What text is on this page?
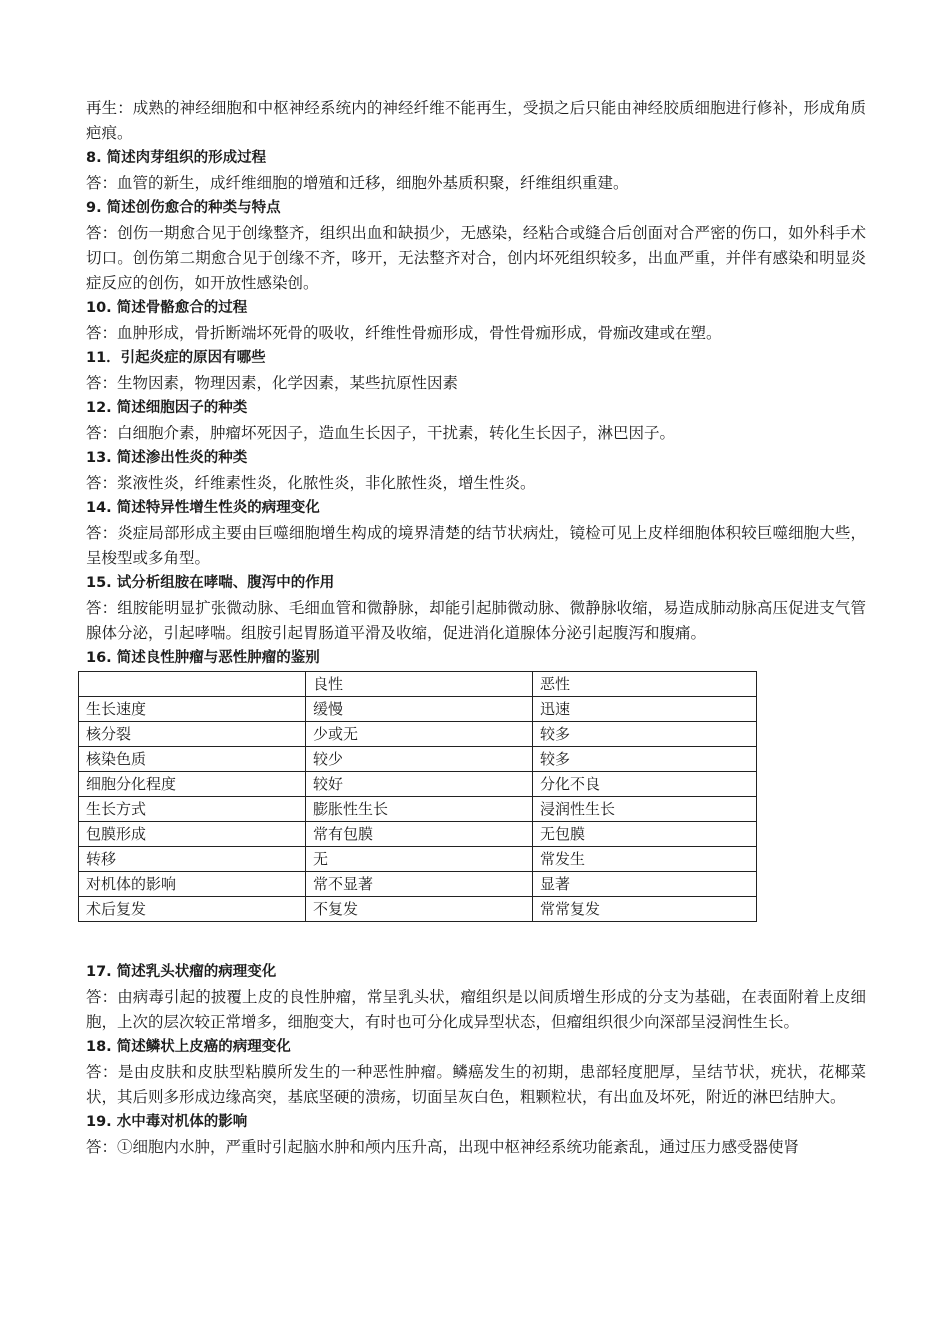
再生：成熟的神经细胞和中枢神经系统内的神经纤维不能再生，受损之后只能由神经胶质细胞进行修补，形成角质疤痕。

8. 简述肉芽组织的形成过程

答：血管的新生，成纤维细胞的增殖和迁移，细胞外基质积聚，纤维组织重建。

9. 简述创伤愈合的种类与特点

答：创伤一期愈合见于创缘整齐，组织出血和缺损少，无感染，经粘合或缝合后创面对合严密的伤口，如外科手术切口。创伤第二期愈合见于创缘不齐，哆开，无法整齐对合，创内坏死组织较多，出血严重，并伴有感染和明显炎症反应的创伤，如开放性感染创。

10. 简述骨骼愈合的过程

答：血肿形成，骨折断端坏死骨的吸收，纤维性骨痂形成，骨性骨痂形成，骨痂改建或在塑。

11．引起炎症的原因有哪些

答：生物因素，物理因素，化学因素，某些抗原性因素

12. 简述细胞因子的种类

答：白细胞介素，肿瘤坏死因子，造血生长因子，干扰素，转化生长因子，淋巴因子。

13. 简述渗出性炎的种类

答：浆液性炎，纤维素性炎，化脓性炎，非化脓性炎，增生性炎。

14. 简述特异性增生性炎的病理变化

答：炎症局部形成主要由巨噬细胞增生构成的境界清楚的结节状病灶，镜检可见上皮样细胞体积较巨噬细胞大些，呈梭型或多角型。

15. 试分析组胺在哮喘、腹泻中的作用

答：组胺能明显扩张微动脉、毛细血管和微静脉，却能引起肺微动脉、微静脉收缩，易造成肺动脉高压促进支气管腺体分泌，引起哮喘。组胺引起胃肠道平滑及收缩，促进消化道腺体分泌引起腹泻和腹痛。

16. 简述良性肿瘤与恶性肿瘤的鉴别

	良性	恶性
生长速度	缓慢	迅速
核分裂	少或无	较多
核染色质	较少	较多
细胞分化程度	较好	分化不良
生长方式	膨胀性生长	浸润性生长
包膜形成	常有包膜	无包膜
转移	无	常发生
对机体的影响	常不显著	显著
术后复发	不复发	常常复发

17. 简述乳头状瘤的病理变化

答：由病毒引起的披覆上皮的良性肿瘤，常呈乳头状，瘤组织是以间质增生形成的分支为基础，在表面附着上皮细胞，上次的层次较正常增多，细胞变大，有时也可分化成异型状态，但瘤组织很少向深部呈浸润性生长。

18. 简述鳞状上皮癌的病理变化

答：是由皮肤和皮肤型粘膜所发生的一种恶性肿瘤。鳞癌发生的初期，患部轻度肥厚，呈结节状，疣状，花椰菜状，其后则多形成边缘高突，基底坚硬的溃疡，切面呈灰白色，粗颗粒状，有出血及坏死，附近的淋巴结肿大。

19. 水中毒对机体的影响

答：①细胞内水肿，严重时引起脑水肿和颅内压升高，出现中枢神经系统功能紊乱，通过压力感受器使肾
